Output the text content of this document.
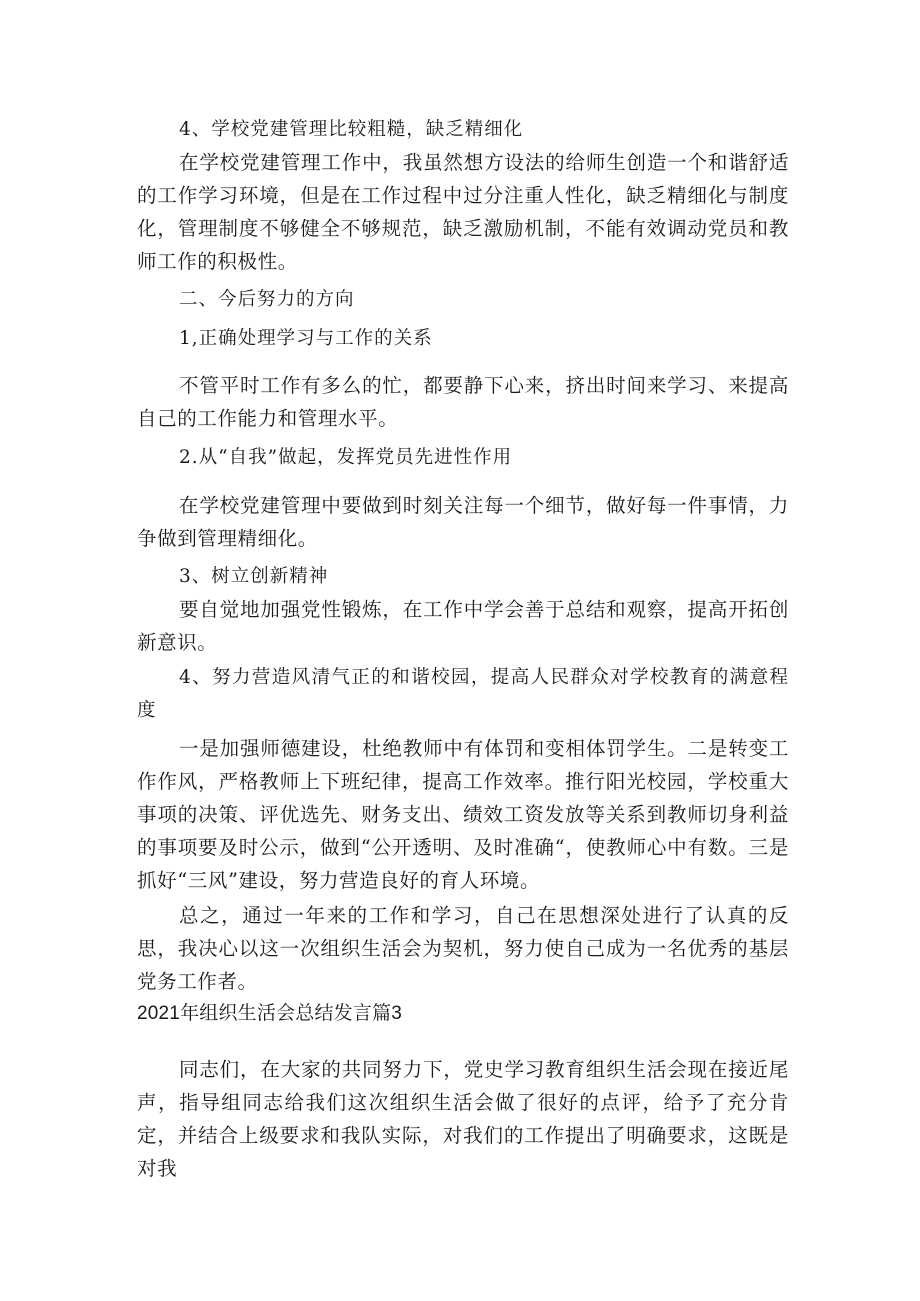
4、学校党建管理比较粗糙，缺乏精细化

在学校党建管理工作中，我虽然想方设法的给师生创造一个和谐舒适的工作学习环境，但是在工作过程中过分注重人性化，缺乏精细化与制度化，管理制度不够健全不够规范，缺乏激励机制，不能有效调动党员和教师工作的积极性。

二、今后努力的方向

1,正确处理学习与工作的关系

不管平时工作有多么的忙，都要静下心来，挤出时间来学习、来提高自己的工作能力和管理水平。

2.从“自我”做起，发挥党员先进性作用

在学校党建管理中要做到时刻关注每一个细节，做好每一件事情，力争做到管理精细化。

3、树立创新精神

要自觉地加强党性锻炼，在工作中学会善于总结和观察，提高开拓创新意识。

4、努力营造风清气正的和谐校园，提高人民群众对学校教育的满意程度

一是加强师德建设，杜绝教师中有体罚和变相体罚学生。二是转变工作作风，严格教师上下班纪律，提高工作效率。推行阳光校园，学校重大事项的决策、评优选先、财务支出、绩效工资发放等关系到教师切身利益的事项要及时公示，做到“公开透明、及时准确“，使教师心中有数。三是抓好“三风”建设，努力营造良好的育人环境。

总之，通过一年来的工作和学习，自己在思想深处进行了认真的反思，我决心以这一次组织生活会为契机，努力使自己成为一名优秀的基层党务工作者。

2021年组织生活会总结发言篇3

同志们，在大家的共同努力下，党史学习教育组织生活会现在接近尾声，指导组同志给我们这次组织生活会做了很好的点评，给予了充分肯定，并结合上级要求和我队实际，对我们的工作提出了明确要求，这既是对我
